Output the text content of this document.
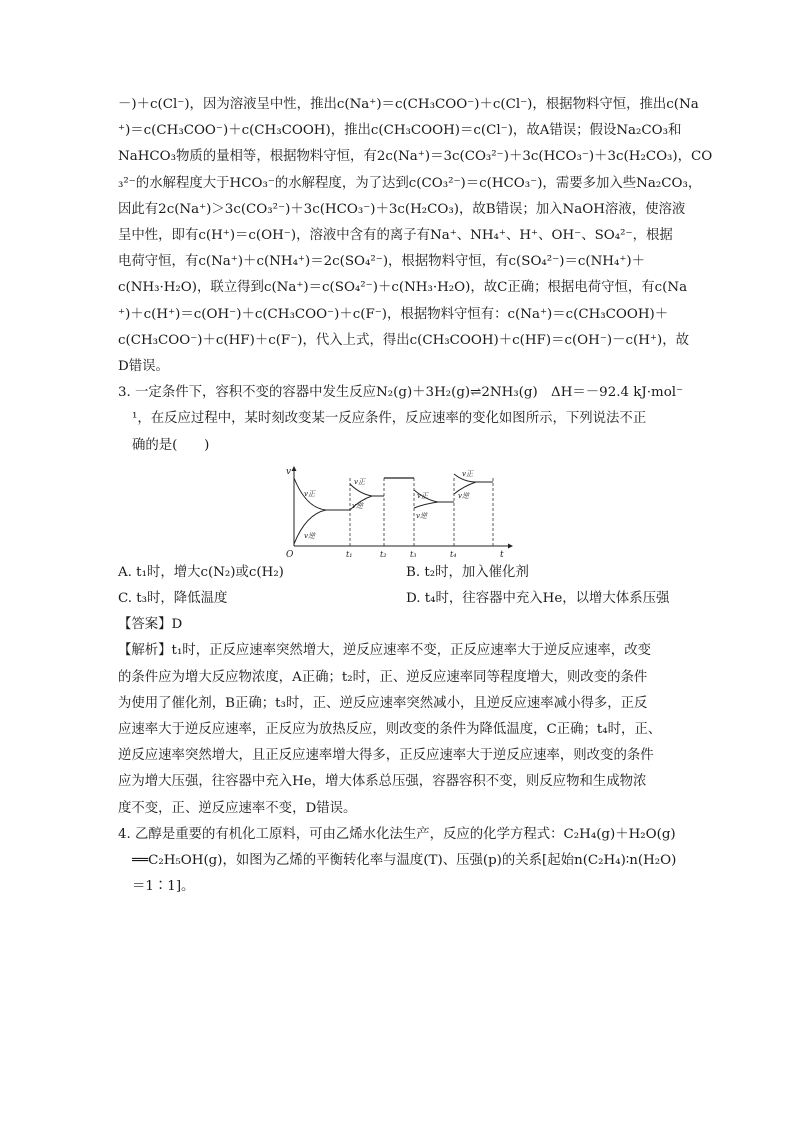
－)＋c(Cl⁻)，因为溶液呈中性，推出c(Na⁺)＝c(CH₃COO⁻)＋c(Cl⁻)，根据物料守恒，推出c(Na
⁺)＝c(CH₃COO⁻)＋c(CH₃COOH)，推出c(CH₃COOH)＝c(Cl⁻)，故A错误；假设Na₂CO₃和
NaHCO₃物质的量相等，根据物料守恒，有2c(Na⁺)＝3c(CO₃²⁻)＋3c(HCO₃⁻)＋3c(H₂CO₃)，CO
₃²⁻的水解程度大于HCO₃⁻的水解程度，为了达到c(CO₃²⁻)＝c(HCO₃⁻)，需要多加入些Na₂CO₃，
因此有2c(Na⁺)＞3c(CO₃²⁻)＋3c(HCO₃⁻)＋3c(H₂CO₃)，故B错误；加入NaOH溶液，使溶液
呈中性，即有c(H⁺)＝c(OH⁻)，溶液中含有的离子有Na⁺、NH₄⁺、H⁺、OH⁻、SO₄²⁻，根据
电荷守恒，有c(Na⁺)＋c(NH₄⁺)＝2c(SO₄²⁻)，根据物料守恒，有c(SO₄²⁻)＝c(NH₄⁺)＋
c(NH₃·H₂O)，联立得到c(Na⁺)＝c(SO₄²⁻)＋c(NH₃·H₂O)，故C正确；根据电荷守恒，有c(Na
⁺)＋c(H⁺)＝c(OH⁻)＋c(CH₃COO⁻)＋c(F⁻)，根据物料守恒有：c(Na⁺)＝c(CH₃COOH)＋
c(CH₃COO⁻)＋c(HF)＋c(F⁻)，代入上式，得出c(CH₃COOH)＋c(HF)＝c(OH⁻)－c(H⁺)，故
D错误。
3. 一定条件下，容积不变的容器中发生反应N₂(g)＋3H₂(g)⇌2NH₃(g)　ΔH＝－92.4 kJ·mol⁻
¹，在反应过程中，某时刻改变某一反应条件，反应速率的变化如图所示，下列说法不正
确的是(　　)
v
t
O	t₁	t₂	t₃	t₄
v正
v逆
v正
v逆
v正
v逆
v正
v逆
A. t₁时，增大c(N₂)或c(H₂)	B. t₂时，加入催化剂
C. t₃时，降低温度	D. t₄时，往容器中充入He，以增大体系压强
【答案】D
【解析】t₁时，正反应速率突然增大，逆反应速率不变，正反应速率大于逆反应速率，改变
的条件应为增大反应物浓度，A正确；t₂时，正、逆反应速率同等程度增大，则改变的条件
为使用了催化剂，B正确；t₃时，正、逆反应速率突然减小，且逆反应速率减小得多，正反
应速率大于逆反应速率，正反应为放热反应，则改变的条件为降低温度，C正确；t₄时，正、
逆反应速率突然增大，且正反应速率增大得多，正反应速率大于逆反应速率，则改变的条件
应为增大压强，往容器中充入He，增大体系总压强，容器容积不变，则反应物和生成物浓
度不变，正、逆反应速率不变，D错误。
4. 乙醇是重要的有机化工原料，可由乙烯水化法生产，反应的化学方程式：C₂H₄(g)＋H₂O(g)
══C₂H₅OH(g)，如图为乙烯的平衡转化率与温度(T)、压强(p)的关系[起始n(C₂H₄)∶n(H₂O)
＝1∶1]。
